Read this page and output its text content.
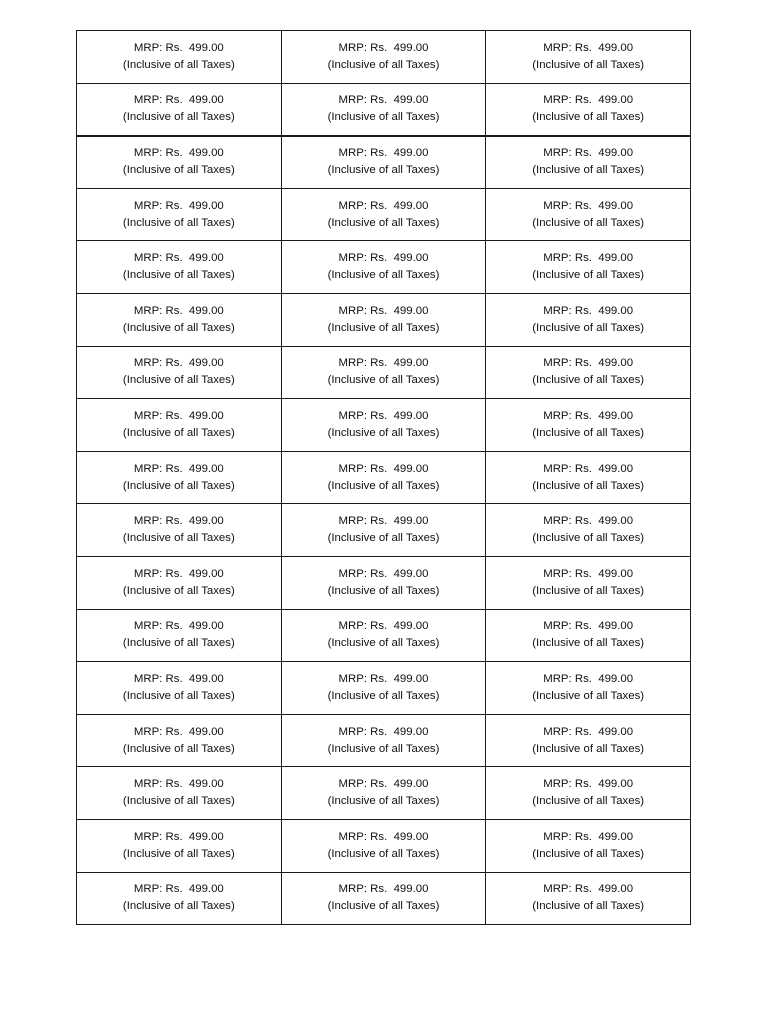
MRP: Rs.  499.00
(Inclusive of all Taxes)	MRP: Rs.  499.00
(Inclusive of all Taxes)	MRP: Rs.  499.00
(Inclusive of all Taxes)

MRP: Rs.  499.00
(Inclusive of all Taxes)	MRP: Rs.  499.00
(Inclusive of all Taxes)	MRP: Rs.  499.00
(Inclusive of all Taxes)

MRP: Rs.  499.00
(Inclusive of all Taxes)	MRP: Rs.  499.00
(Inclusive of all Taxes)	MRP: Rs.  499.00
(Inclusive of all Taxes)

MRP: Rs.  499.00
(Inclusive of all Taxes)	MRP: Rs.  499.00
(Inclusive of all Taxes)	MRP: Rs.  499.00
(Inclusive of all Taxes)

MRP: Rs.  499.00
(Inclusive of all Taxes)	MRP: Rs.  499.00
(Inclusive of all Taxes)	MRP: Rs.  499.00
(Inclusive of all Taxes)

MRP: Rs.  499.00
(Inclusive of all Taxes)	MRP: Rs.  499.00
(Inclusive of all Taxes)	MRP: Rs.  499.00
(Inclusive of all Taxes)

MRP: Rs.  499.00
(Inclusive of all Taxes)	MRP: Rs.  499.00
(Inclusive of all Taxes)	MRP: Rs.  499.00
(Inclusive of all Taxes)

MRP: Rs.  499.00
(Inclusive of all Taxes)	MRP: Rs.  499.00
(Inclusive of all Taxes)	MRP: Rs.  499.00
(Inclusive of all Taxes)

MRP: Rs.  499.00
(Inclusive of all Taxes)	MRP: Rs.  499.00
(Inclusive of all Taxes)	MRP: Rs.  499.00
(Inclusive of all Taxes)

MRP: Rs.  499.00
(Inclusive of all Taxes)	MRP: Rs.  499.00
(Inclusive of all Taxes)	MRP: Rs.  499.00
(Inclusive of all Taxes)

MRP: Rs.  499.00
(Inclusive of all Taxes)	MRP: Rs.  499.00
(Inclusive of all Taxes)	MRP: Rs.  499.00
(Inclusive of all Taxes)

MRP: Rs.  499.00
(Inclusive of all Taxes)	MRP: Rs.  499.00
(Inclusive of all Taxes)	MRP: Rs.  499.00
(Inclusive of all Taxes)

MRP: Rs.  499.00
(Inclusive of all Taxes)	MRP: Rs.  499.00
(Inclusive of all Taxes)	MRP: Rs.  499.00
(Inclusive of all Taxes)

MRP: Rs.  499.00
(Inclusive of all Taxes)	MRP: Rs.  499.00
(Inclusive of all Taxes)	MRP: Rs.  499.00
(Inclusive of all Taxes)

MRP: Rs.  499.00
(Inclusive of all Taxes)	MRP: Rs.  499.00
(Inclusive of all Taxes)	MRP: Rs.  499.00
(Inclusive of all Taxes)

MRP: Rs.  499.00
(Inclusive of all Taxes)	MRP: Rs.  499.00
(Inclusive of all Taxes)	MRP: Rs.  499.00
(Inclusive of all Taxes)

MRP: Rs.  499.00
(Inclusive of all Taxes)	MRP: Rs.  499.00
(Inclusive of all Taxes)	MRP: Rs.  499.00
(Inclusive of all Taxes)
